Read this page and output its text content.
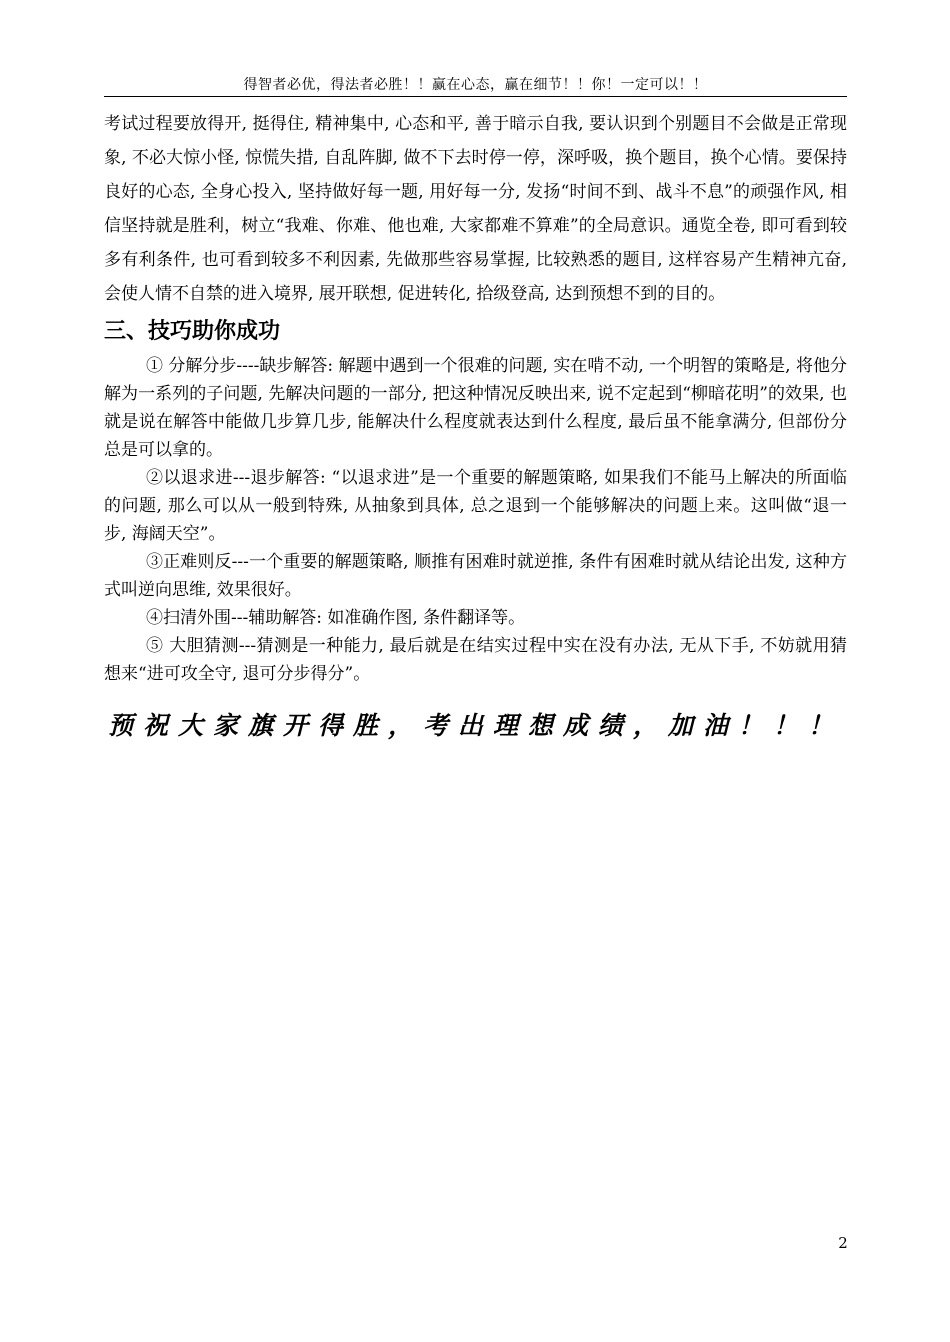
得智者必优，得法者必胜！！赢在心态，赢在细节！！你！一定可以！！

考试过程要放得开, 挺得住, 精神集中, 心态和平, 善于暗示自我, 要认识到个别题目不会做是正常现象, 不必大惊小怪, 惊慌失措, 自乱阵脚, 做不下去时停一停，深呼吸，换个题目，换个心情。要保持良好的心态, 全身心投入, 坚持做好每一题, 用好每一分, 发扬“时间不到、战斗不息”的顽强作风, 相信坚持就是胜利，树立“我难、你难、他也难, 大家都难不算难”的全局意识。通览全卷, 即可看到较多有利条件, 也可看到较多不利因素, 先做那些容易掌握, 比较熟悉的题目, 这样容易产生精神亢奋, 会使人情不自禁的进入境界, 展开联想, 促进转化, 拾级登高, 达到预想不到的目的。

三、技巧助你成功

① 分解分步----缺步解答: 解题中遇到一个很难的问题, 实在啃不动, 一个明智的策略是, 将他分解为一系列的子问题, 先解决问题的一部分, 把这种情况反映出来, 说不定起到“柳暗花明”的效果, 也就是说在解答中能做几步算几步, 能解决什么程度就表达到什么程度, 最后虽不能拿满分, 但部份分总是可以拿的。

②以退求进---退步解答: “以退求进”是一个重要的解题策略, 如果我们不能马上解决的所面临的问题, 那么可以从一般到特殊, 从抽象到具体, 总之退到一个能够解决的问题上来。这叫做“退一步, 海阔天空”。

③正难则反---一个重要的解题策略, 顺推有困难时就逆推, 条件有困难时就从结论出发, 这种方式叫逆向思维, 效果很好。

④扫清外围---辅助解答: 如准确作图, 条件翻译等。

⑤ 大胆猜测---猜测是一种能力, 最后就是在结实过程中实在没有办法, 无从下手, 不妨就用猜想来“进可攻全守, 退可分步得分”。

预祝大家旗开得胜，考出理想成绩，加油！！！

2
